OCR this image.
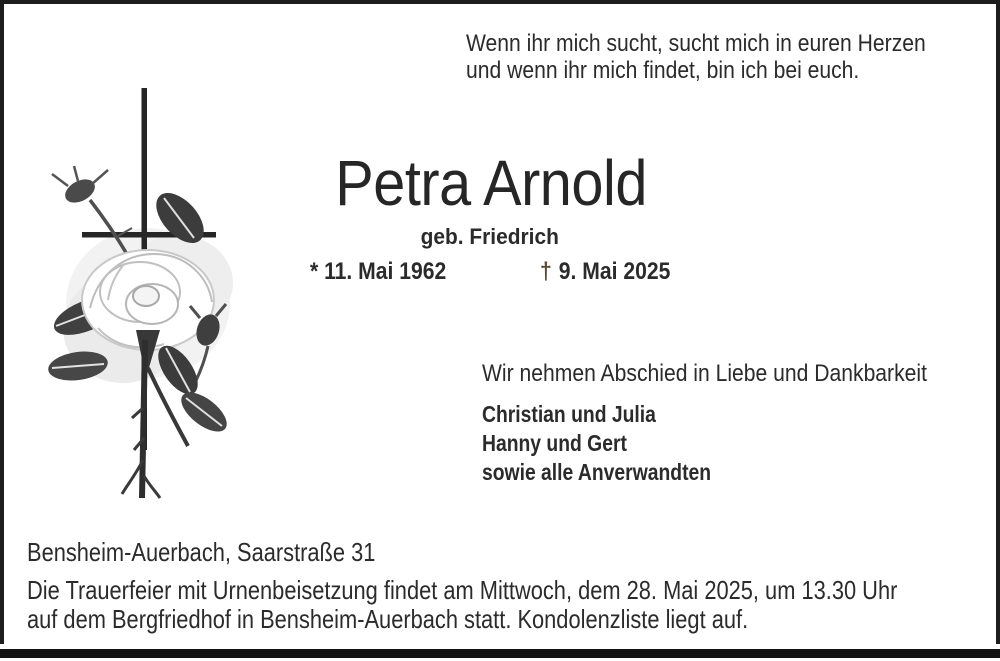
Wenn ihr mich sucht, sucht mich in euren Herzen
und wenn ihr mich findet, bin ich bei euch.
Petra Arnold
geb. Friedrich
* 11. Mai 1962	† 9. Mai 2025
Wir nehmen Abschied in Liebe und Dankbarkeit
Christian und Julia
Hanny und Gert
sowie alle Anverwandten
Bensheim-Auerbach, Saarstraße 31
Die Trauerfeier mit Urnenbeisetzung findet am Mittwoch, dem 28. Mai 2025, um 13.30 Uhr
auf dem Bergfriedhof in Bensheim-Auerbach statt. Kondolenzliste liegt auf.
